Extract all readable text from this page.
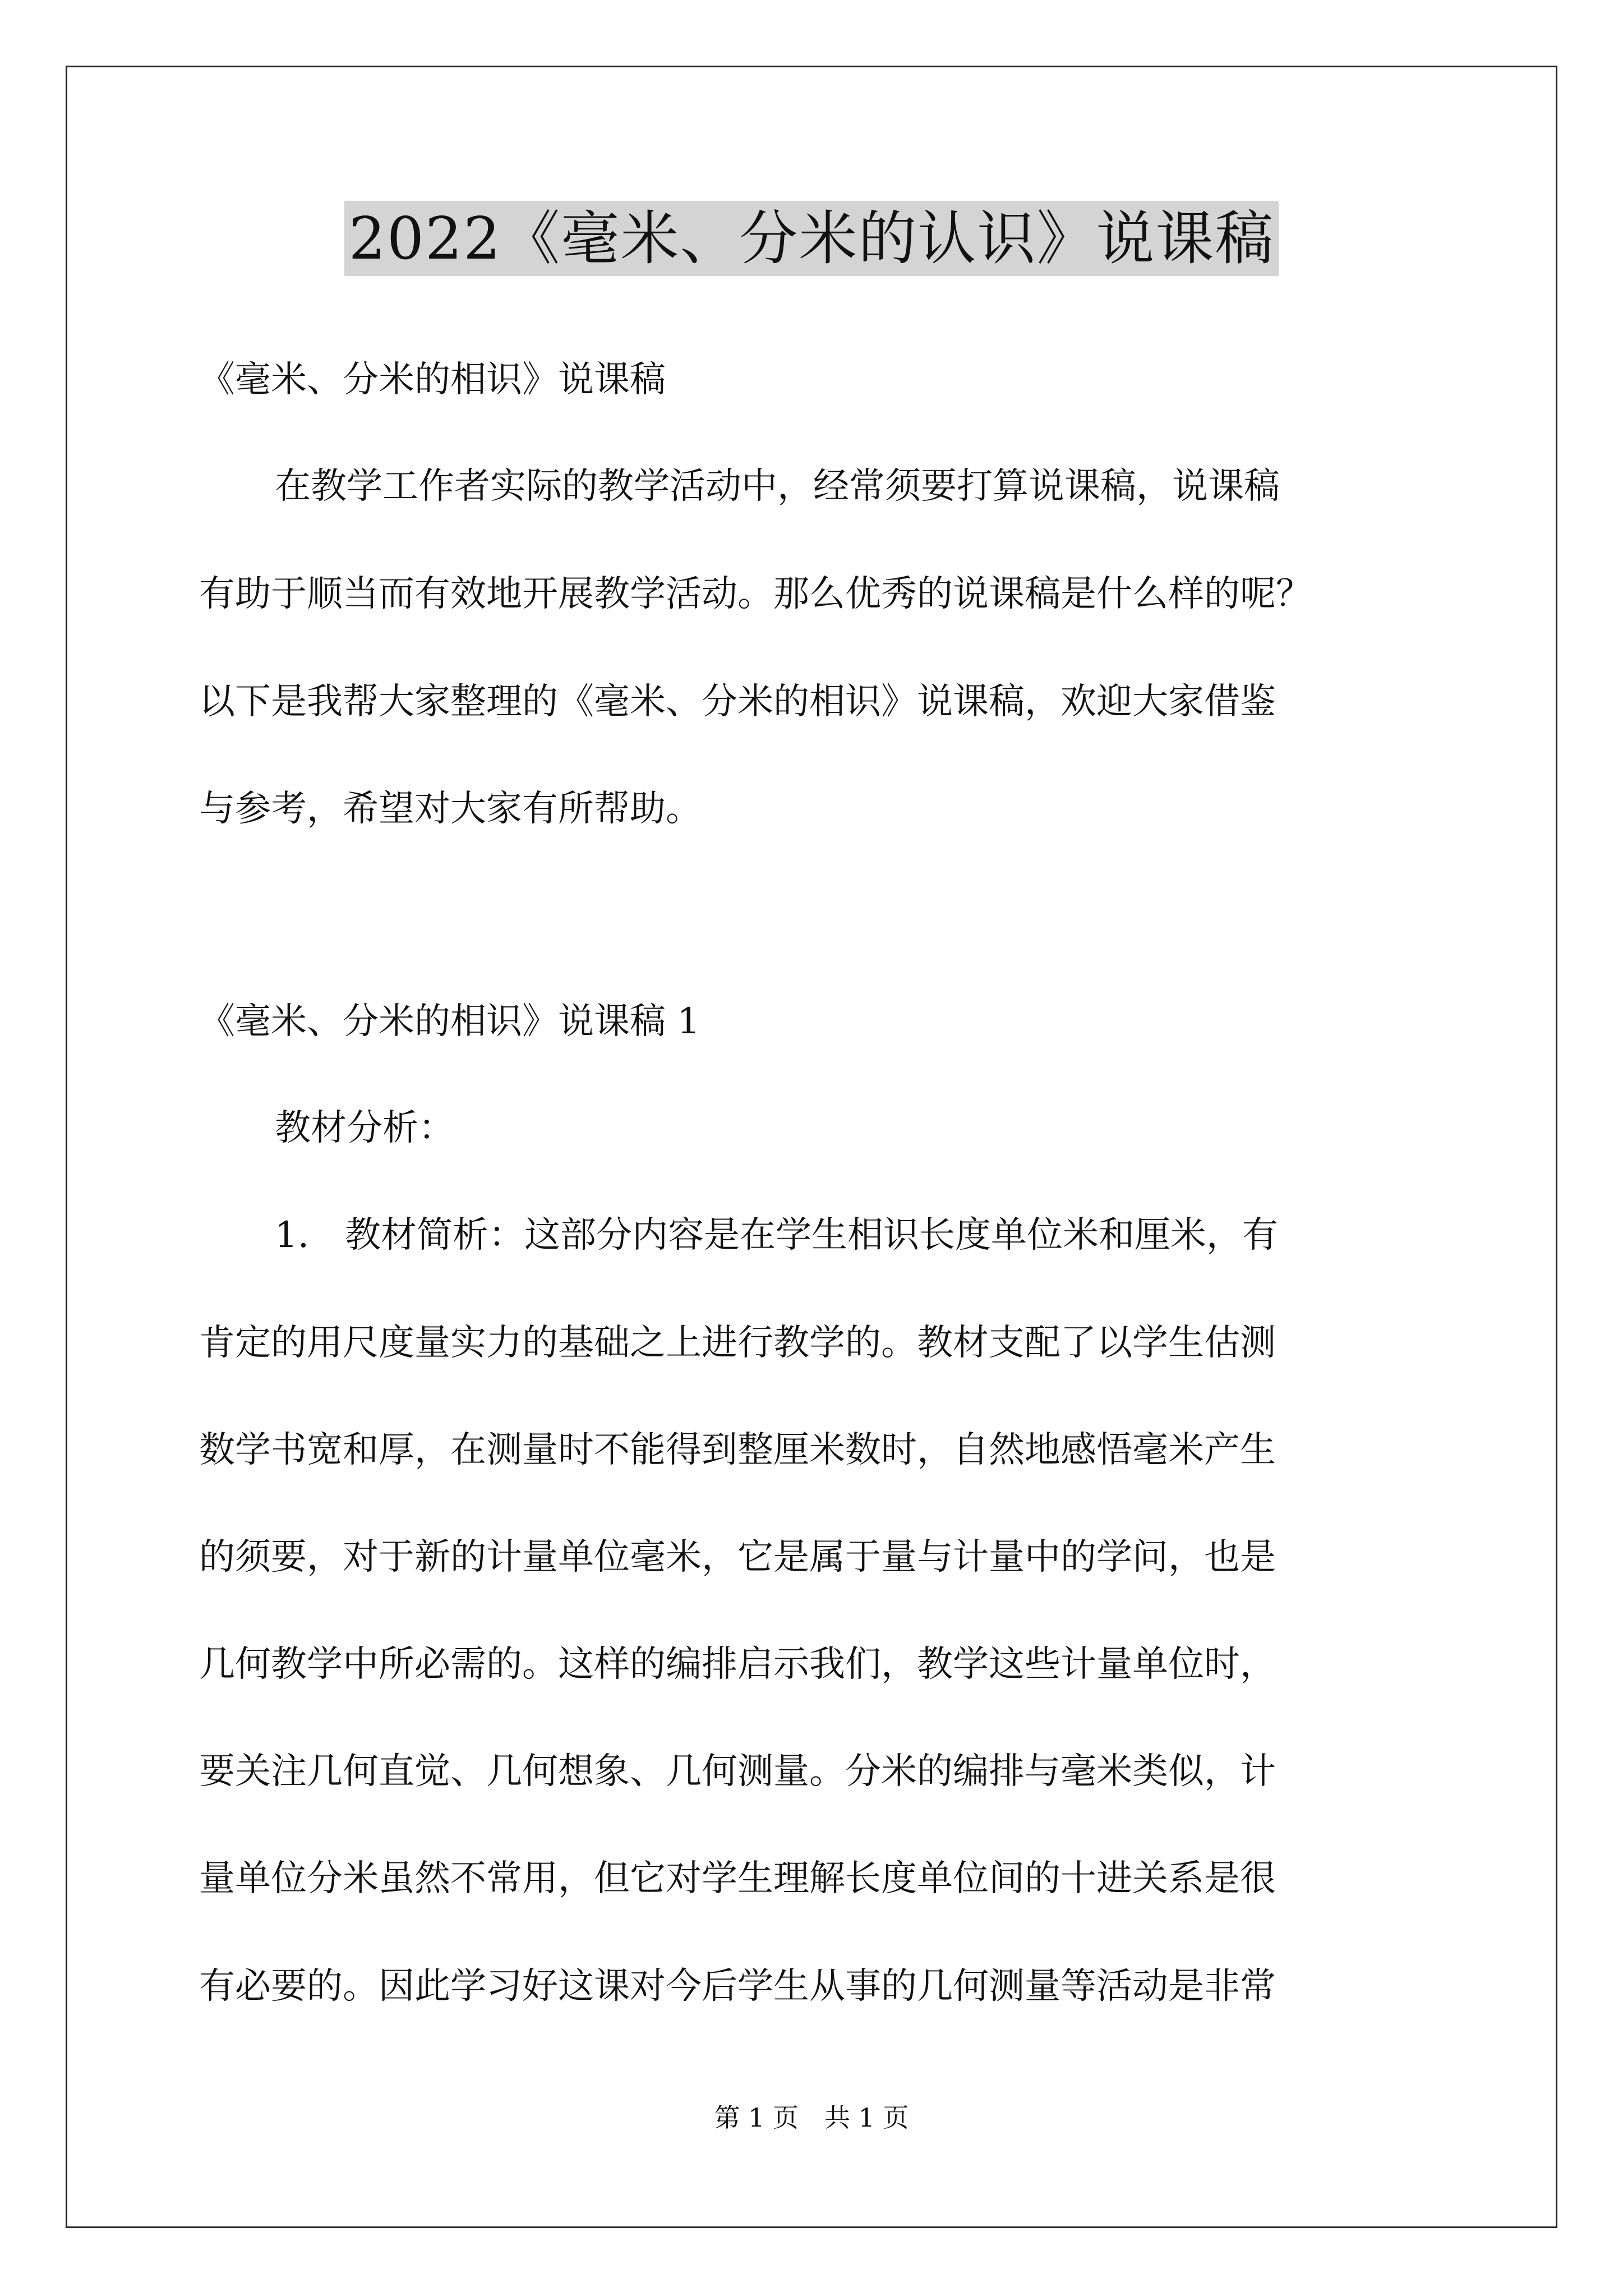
2022《毫米、分米的认识》说课稿
《毫米、分米的相识》说课稿
在教学工作者实际的教学活动中，经常须要打算说课稿，说课稿
有助于顺当而有效地开展教学活动。那么优秀的说课稿是什么样的呢？
以下是我帮大家整理的《毫米、分米的相识》说课稿，欢迎大家借鉴
与参考，希望对大家有所帮助。
《毫米、分米的相识》说课稿 1
教材分析：
1.　教材简析：这部分内容是在学生相识长度单位米和厘米，有
肯定的用尺度量实力的基础之上进行教学的。教材支配了以学生估测
数学书宽和厚，在测量时不能得到整厘米数时，自然地感悟毫米产生
的须要，对于新的计量单位毫米，它是属于量与计量中的学问，也是
几何教学中所必需的。这样的编排启示我们，教学这些计量单位时，
要关注几何直觉、几何想象、几何测量。分米的编排与毫米类似，计
量单位分米虽然不常用，但它对学生理解长度单位间的十进关系是很
有必要的。因此学习好这课对今后学生从事的几何测量等活动是非常
第 1 页　共 1 页
